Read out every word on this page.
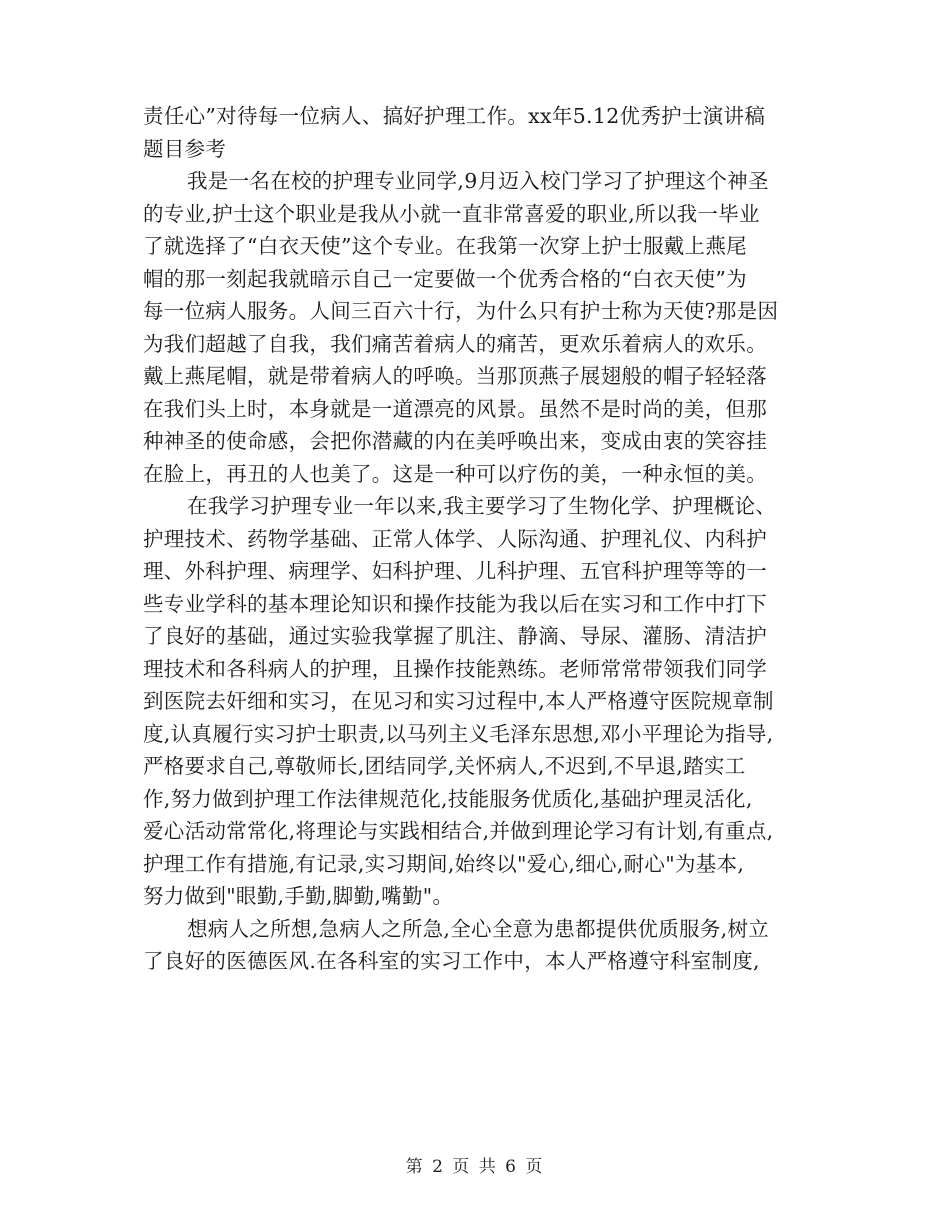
责任心”对待每一位病人、搞好护理工作。xx年5.12优秀护士演讲稿
题目参考
我是一名在校的护理专业同学,9月迈入校门学习了护理这个神圣
的专业,护士这个职业是我从小就一直非常喜爱的职业,所以我一毕业
了就选择了“白衣天使”这个专业。在我第一次穿上护士服戴上燕尾
帽的那一刻起我就暗示自己一定要做一个优秀合格的“白衣天使”为
每一位病人服务。人间三百六十行，为什么只有护士称为天使?那是因
为我们超越了自我，我们痛苦着病人的痛苦，更欢乐着病人的欢乐。
戴上燕尾帽，就是带着病人的呼唤。当那顶燕子展翅般的帽子轻轻落
在我们头上时，本身就是一道漂亮的风景。虽然不是时尚的美，但那
种神圣的使命感，会把你潜藏的内在美呼唤出来，变成由衷的笑容挂
在脸上，再丑的人也美了。这是一种可以疗伤的美，一种永恒的美。
在我学习护理专业一年以来,我主要学习了生物化学、护理概论、
护理技术、药物学基础、正常人体学、人际沟通、护理礼仪、内科护
理、外科护理、病理学、妇科护理、儿科护理、五官科护理等等的一
些专业学科的基本理论知识和操作技能为我以后在实习和工作中打下
了良好的基础，通过实验我掌握了肌注、静滴、导尿、灌肠、清洁护
理技术和各科病人的护理，且操作技能熟练。老师常常带领我们同学
到医院去奸细和实习，在见习和实习过程中,本人严格遵守医院规章制
度,认真履行实习护士职责,以马列主义毛泽东思想,邓小平理论为指导,
严格要求自己,尊敬师长,团结同学,关怀病人,不迟到,不早退,踏实工
作,努力做到护理工作法律规范化,技能服务优质化,基础护理灵活化,
爱心活动常常化,将理论与实践相结合,并做到理论学习有计划,有重点,
护理工作有措施,有记录,实习期间,始终以"爱心,细心,耐心"为基本,
努力做到"眼勤,手勤,脚勤,嘴勤"。
想病人之所想,急病人之所急,全心全意为患都提供优质服务,树立
了良好的医德医风.在各科室的实习工作中，本人严格遵守科室制度,
第 2 页 共 6 页
